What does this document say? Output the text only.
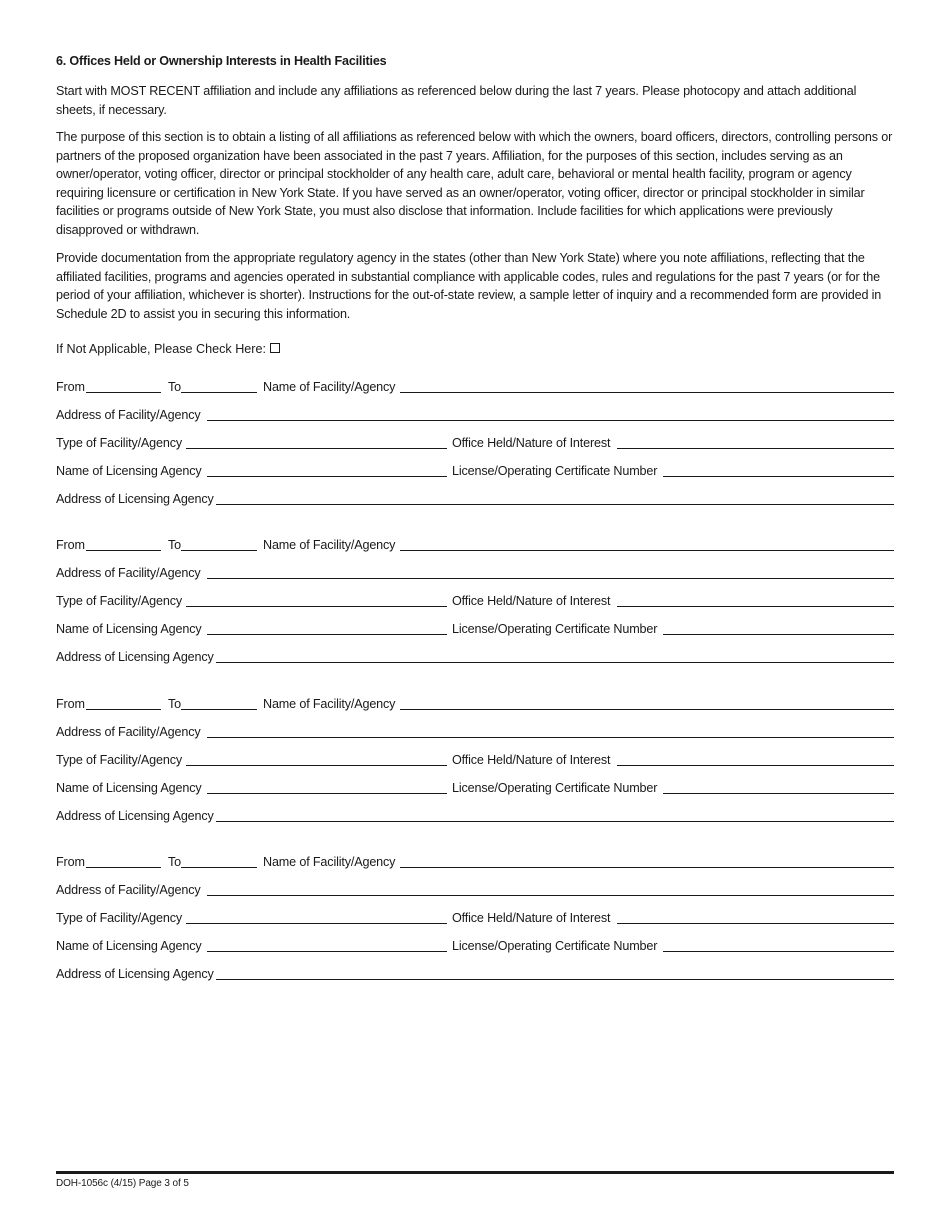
6. Offices Held or Ownership Interests in Health Facilities
Start with MOST RECENT affiliation and include any affiliations as referenced below during the last 7 years. Please photocopy and attach additional sheets, if necessary.
The purpose of this section is to obtain a listing of all affiliations as referenced below with which the owners, board officers, directors, controlling persons or partners of the proposed organization have been associated in the past 7 years. Affiliation, for the purposes of this section, includes serving as an owner/operator, voting officer, director or principal stockholder of any health care, adult care, behavioral or mental health facility, program or agency requiring licensure or certification in New York State. If you have served as an owner/operator, voting officer, director or principal stockholder in similar facilities or programs outside of New York State, you must also disclose that information. Include facilities for which applications were previously disapproved or withdrawn.
Provide documentation from the appropriate regulatory agency in the states (other than New York State) where you note affiliations, reflecting that the affiliated facilities, programs and agencies operated in substantial compliance with applicable codes, rules and regulations for the past 7 years (or for the period of your affiliation, whichever is shorter). Instructions for the out-of-state review, a sample letter of inquiry and a recommended form are provided in Schedule 2D to assist you in securing this information.
If Not Applicable, Please Check Here:
From	To	Name of Facility/Agency
Address of Facility/Agency
Type of Facility/Agency	Office Held/Nature of Interest
Name of Licensing Agency	License/Operating Certificate Number
Address of Licensing Agency
From	To	Name of Facility/Agency
Address of Facility/Agency
Type of Facility/Agency	Office Held/Nature of Interest
Name of Licensing Agency	License/Operating Certificate Number
Address of Licensing Agency
From	To	Name of Facility/Agency
Address of Facility/Agency
Type of Facility/Agency	Office Held/Nature of Interest
Name of Licensing Agency	License/Operating Certificate Number
Address of Licensing Agency
From	To	Name of Facility/Agency
Address of Facility/Agency
Type of Facility/Agency	Office Held/Nature of Interest
Name of Licensing Agency	License/Operating Certificate Number
Address of Licensing Agency
DOH-1056c (4/15) Page 3 of 5
